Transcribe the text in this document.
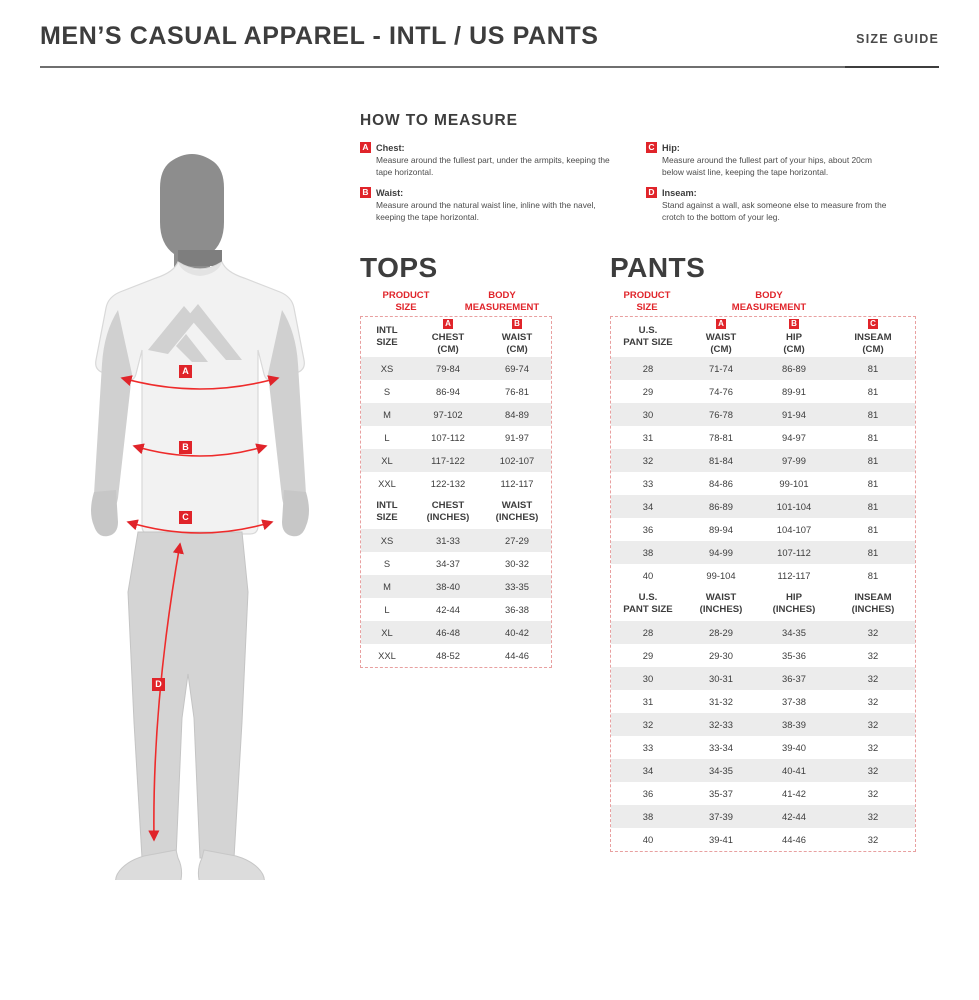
MEN’S CASUAL APPAREL - INTL / US PANTS	SIZE GUIDE
A
B
C
D
HOW TO MEASURE
A Chest:
Measure around the fullest part, under the armpits, keeping the tape horizontal.
B Waist:
Measure around the natural waist line, inline with the navel, keeping the tape horizontal.
C Hip:
Measure around the fullest part of your hips, about 20cm below waist line, keeping the tape horizontal.
D Inseam:
Stand against a wall, ask someone else to measure from the crotch to the bottom of your leg.
TOPS
PRODUCT
SIZE
BODY
MEASUREMENT
INTL
SIZE	A
CHEST
(CM)	B
WAIST
(CM)

XS	79-84	69-74
S	86-94	76-81
M	97-102	84-89
L	107-112	91-97
XL	117-122	102-107
XXL	122-132	112-117

INTL
SIZE	CHEST
(INCHES)	WAIST
(INCHES)

XS	31-33	27-29
S	34-37	30-32
M	38-40	33-35
L	42-44	36-38
XL	46-48	40-42
XXL	48-52	44-46
PANTS
PRODUCT
SIZE
BODY
MEASUREMENT
U.S.
PANT SIZE	A
WAIST
(CM)	B
HIP
(CM)	C
INSEAM
(CM)

28	71-74	86-89	81
29	74-76	89-91	81
30	76-78	91-94	81
31	78-81	94-97	81
32	81-84	97-99	81
33	84-86	99-101	81
34	86-89	101-104	81
36	89-94	104-107	81
38	94-99	107-112	81
40	99-104	112-117	81

U.S.
PANT SIZE	WAIST
(INCHES)	HIP
(INCHES)	INSEAM
(INCHES)

28	28-29	34-35	32
29	29-30	35-36	32
30	30-31	36-37	32
31	31-32	37-38	32
32	32-33	38-39	32
33	33-34	39-40	32
34	34-35	40-41	32
36	35-37	41-42	32
38	37-39	42-44	32
40	39-41	44-46	32
